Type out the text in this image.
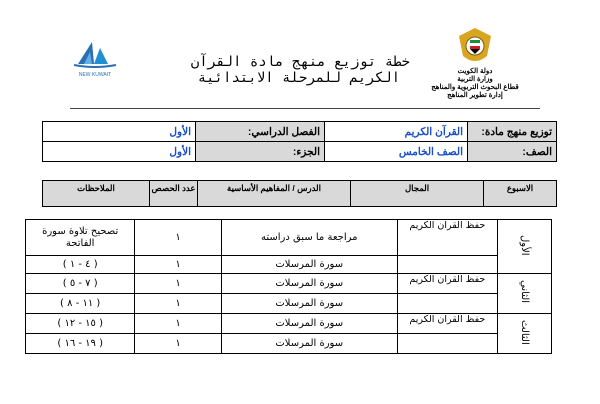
NEW KUWAIT
خطة توزيع منهج مادة القرآن
الكريم للمرحلة الابتدائية	دولة الكويت
وزارة التربية
قطاع البحوث التربوية والمناهج
إدارة تطوير المناهج
توزيع منهج مادة:	القرآن الكريم	الفصل الدراسي:	الأول
الصف:	الصف الخامس	الجزء:	الأول
الاسبوع	المجال	الدرس / المفاهيم الأساسية	عدد الحصص	الملاحظات
الأول	حفظ القرآن الكريم	مراجعة ما سبق دراسته	١	تصحيح تلاوة سورة الفاتحة
		سورة المرسلات	١	( ٤ - ١ )
الثاني	حفظ القرآن الكريم	سورة المرسلات	١	( ٧ - ٥ )
		سورة المرسلات	١	( ١١ - ٨ )
الثالث	حفظ القرآن الكريم	سورة المرسلات	١	( ١٥ - ١٢ )
		سورة المرسلات	١	( ١٩ - ١٦ )
